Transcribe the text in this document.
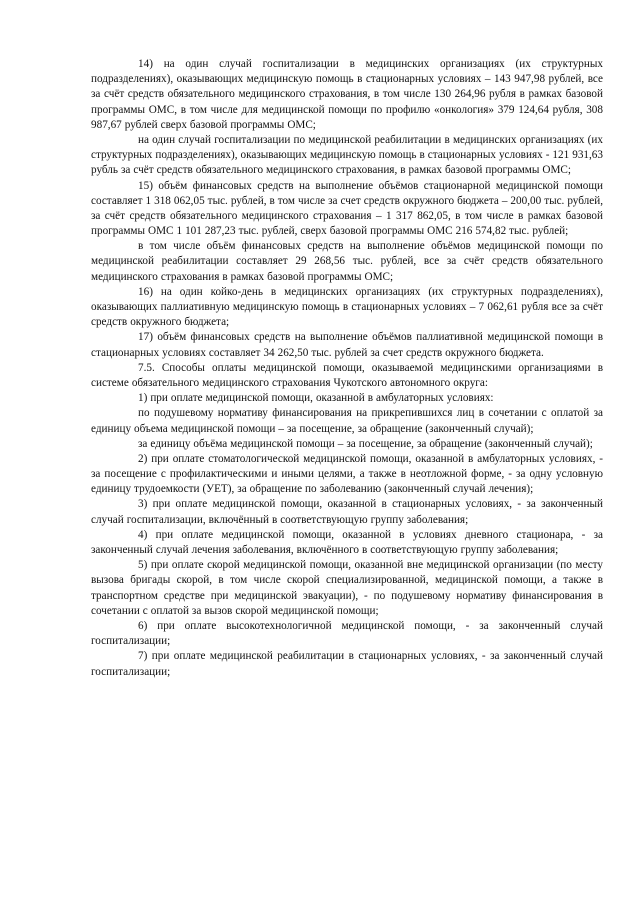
14) на один случай госпитализации в медицинских организациях (их структурных подразделениях), оказывающих медицинскую помощь в стационарных условиях – 143 947,98 рублей, все за счёт средств обязательного медицинского страхования, в том числе 130 264,96 рубля в рамках базовой программы ОМС, в том числе для медицинской помощи по профилю «онкология» 379 124,64 рубля, 308 987,67 рублей сверх базовой программы ОМС;

на один случай госпитализации по медицинской реабилитации в медицинских организациях (их структурных подразделениях), оказывающих медицинскую помощь в стационарных условиях - 121 931,63 рубль за счёт средств обязательного медицинского страхования, в рамках базовой программы ОМС;

15) объём финансовых средств на выполнение объёмов стационарной медицинской помощи составляет 1 318 062,05 тыс. рублей, в том числе за счет средств окружного бюджета – 200,00 тыс. рублей, за счёт средств обязательного медицинского страхования – 1 317 862,05, в том числе в рамках базовой программы ОМС 1 101 287,23 тыс. рублей, сверх базовой программы ОМС 216 574,82 тыс. рублей;

в том числе объём финансовых средств на выполнение объёмов медицинской помощи по медицинской реабилитации составляет 29 268,56 тыс. рублей, все за счёт средств обязательного медицинского страхования в рамках базовой программы ОМС;

16) на один койко-день в медицинских организациях (их структурных подразделениях), оказывающих паллиативную медицинскую помощь в стационарных условиях – 7 062,61 рубля все за счёт средств окружного бюджета;

17) объём финансовых средств на выполнение объёмов паллиативной медицинской помощи в стационарных условиях составляет 34 262,50 тыс. рублей за счет средств окружного бюджета.

7.5. Способы оплаты медицинской помощи, оказываемой медицинскими организациями в системе обязательного медицинского страхования Чукотского автономного округа:

1) при оплате медицинской помощи, оказанной в амбулаторных условиях:

по подушевому нормативу финансирования на прикрепившихся лиц в сочетании с оплатой за единицу объема медицинской помощи – за посещение, за обращение (законченный случай);

за единицу объёма медицинской помощи – за посещение, за обращение (законченный случай);

2) при оплате стоматологической медицинской помощи, оказанной в амбулаторных условиях, - за посещение с профилактическими и иными целями, а также в неотложной форме, - за одну условную единицу трудоемкости (УЕТ), за обращение по заболеванию (законченный случай лечения);

3) при оплате медицинской помощи, оказанной в стационарных условиях, - за законченный случай госпитализации, включённый в соответствующую группу заболевания;

4) при оплате медицинской помощи, оказанной в условиях дневного стационара, - за законченный случай лечения заболевания, включённого в соответствующую группу заболевания;

5) при оплате скорой медицинской помощи, оказанной вне медицинской организации (по месту вызова бригады скорой, в том числе скорой специализированной, медицинской помощи, а также в транспортном средстве при медицинской эвакуации), - по подушевому нормативу финансирования в сочетании с оплатой за вызов скорой медицинской помощи;

6) при оплате высокотехнологичной медицинской помощи, - за законченный случай госпитализации;

7) при оплате медицинской реабилитации в стационарных условиях, - за законченный случай госпитализации;
